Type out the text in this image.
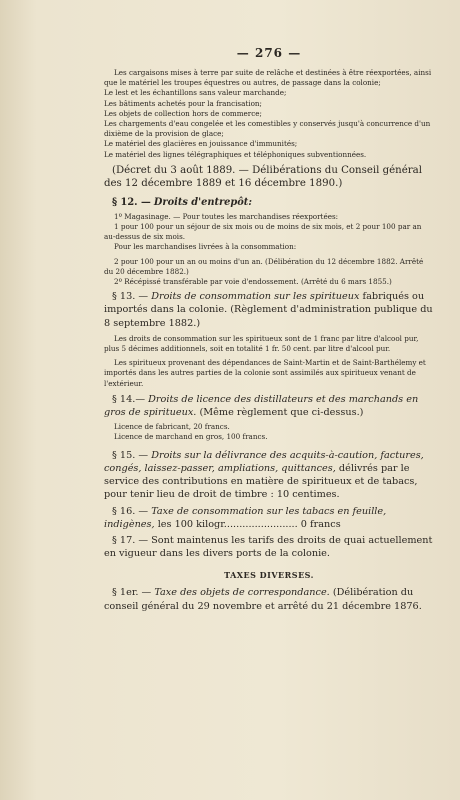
— 276 —

Les cargaisons mises à terre par suite de relâche et destinées à être réexportées, ainsi que le matériel les troupes équestres ou autres, de passage dans la colonie;

Le lest et les échantillons sans valeur marchande;

Les bâtiments achetés pour la francisation;

Les objets de collection hors de commerce;

Les chargements d'eau congelée et les comestibles y conservés jusqu'à concurrence d'un dixième de la provision de glace;

Le matériel des glacières en jouissance d'immunités;

Le matériel des lignes télégraphiques et téléphoniques subventionnées.

(Décret du 3 août 1889. — Délibérations du Conseil général des 12 décembre 1889 et 16 décembre 1890.)

§ 12. — Droits d'entrepôt:

1º Magasinage. — Pour toutes les marchandises réexportées:

1 pour 100 pour un séjour de six mois ou de moins de six mois, et 2 pour 100 par an au-dessus de six mois.

Pour les marchandises livrées à la consommation:

2 pour 100 pour un an ou moins d'un an. (Délibération du 12 décembre 1882. Arrêté du 20 décembre 1882.)

2º Récépissé transférable par voie d'endossement. (Arrêté du 6 mars 1855.)

§ 13. — Droits de consommation sur les spiritueux fabriqués ou importés dans la colonie. (Règlement d'administration publique du 8 septembre 1882.)

Les droits de consommation sur les spiritueux sont de 1 franc par litre d'alcool pur, plus 5 décimes additionnels, soit en totalité 1 fr. 50 cent. par litre d'alcool pur.

Les spiritueux provenant des dépendances de Saint-Martin et de Saint-Barthélemy et importés dans les autres parties de la colonie sont assimilés aux spiritueux venant de l'extérieur.

§ 14.— Droits de licence des distillateurs et des marchands en gros de spiritueux. (Même règlement que ci-dessus.)

Licence de fabricant, 20 francs.

Licence de marchand en gros, 100 francs.

§ 15. — Droits sur la délivrance des acquits-à-caution, factures, congés, laissez-passer, ampliations, quittances, délivrés par le service des contributions en matière de spiritueux et de tabacs, pour tenir lieu de droit de timbre : 10 centimes.

§ 16. — Taxe de consommation sur les tabacs en feuille, indigènes, les 100 kilogr........................ 0 francs

§ 17. — Sont maintenus les tarifs des droits de quai actuellement en vigueur dans les divers ports de la colonie.

TAXES DIVERSES.

§ 1er. — Taxe des objets de correspondance. (Délibération du conseil général du 29 novembre et arrêté du 21 décembre 1876.
